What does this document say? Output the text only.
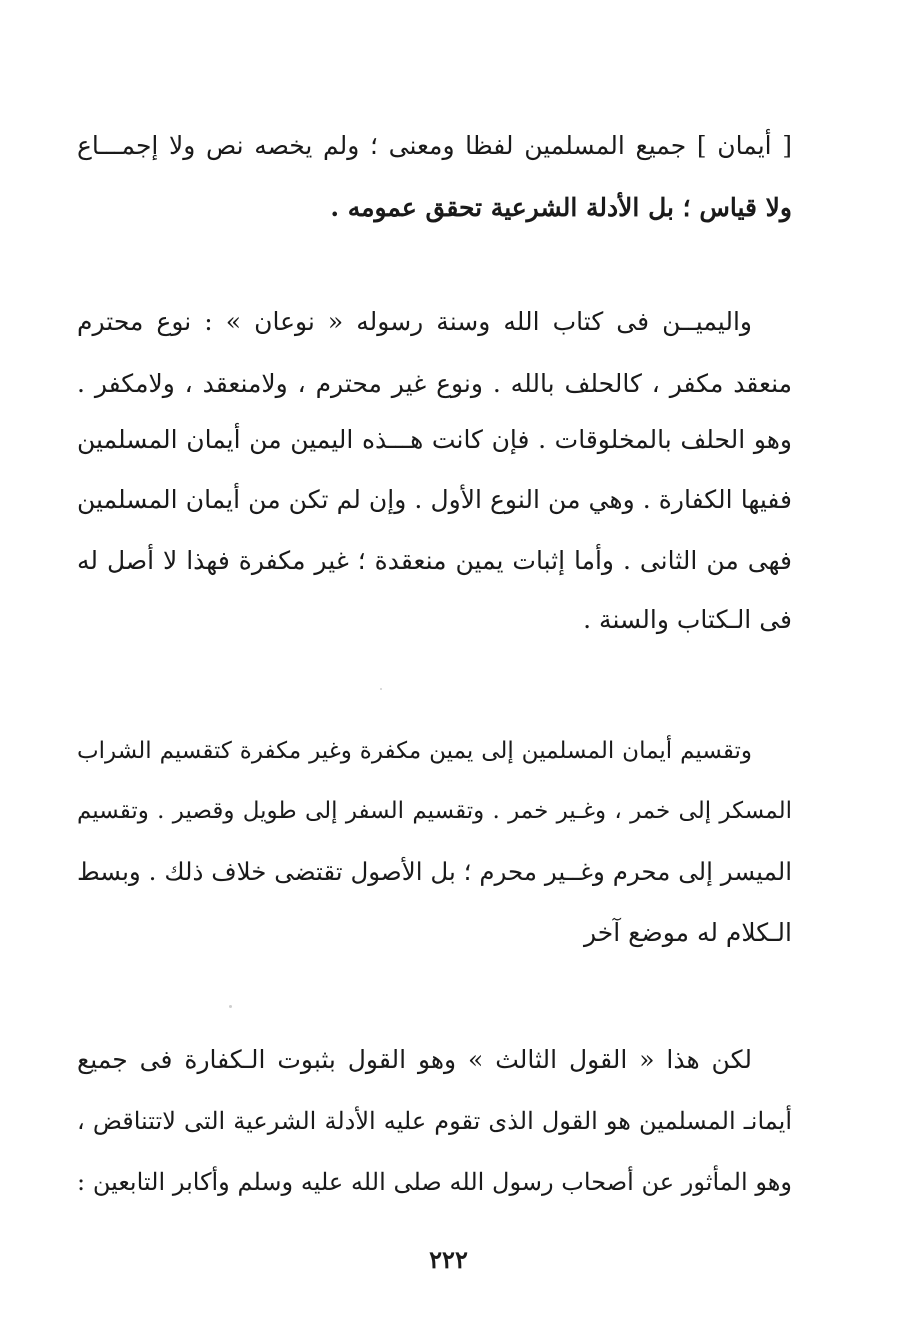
[ أيمان ] جميع المسلمين لفظا ومعنى ؛ ولم يخصه نص ولا إجمـــاع
ولا قياس ؛ بل الأدلة الشرعية تحقق عمومه .
واليميــن فى كتاب الله وسنة رسوله « نوعان » : نوع محترم
منعقد مكفر ، كالحلف بالله . ونوع غير محترم ، ولامنعقد ، ولامكفر .
وهو الحلف بالمخلوقات . فإن كانت هـــذه اليمين من أيمان المسلمين
ففيها الكفارة . وهي من النوع الأول . وإن لم تكن من أيمان المسلمين
فهى من الثانى . وأما إثبات يمين منعقدة ؛ غير مكفرة فهذا لا أصل له
فى الـكتاب والسنة .
وتقسيم أيمان المسلمين إلى يمين مكفرة وغير مكفرة كتقسيم الشراب
المسكر إلى خمر ، وغـير خمر . وتقسيم السفر إلى طويل وقصير . وتقسيم
الميسر إلى محرم وغــير محرم ؛ بل الأصول تقتضى خلاف ذلك . وبسط
الـكلام له موضع آخر
لكن هذا « القول الثالث » وهو القول بثبوت الـكفارة فى جميع
أيمانـ المسلمين هو القول الذى تقوم عليه الأدلة الشرعية التى لاتتناقض ،
وهو المأثور عن أصحاب رسول الله صلى الله عليه وسلم وأكابر التابعين :
٢٢٢
